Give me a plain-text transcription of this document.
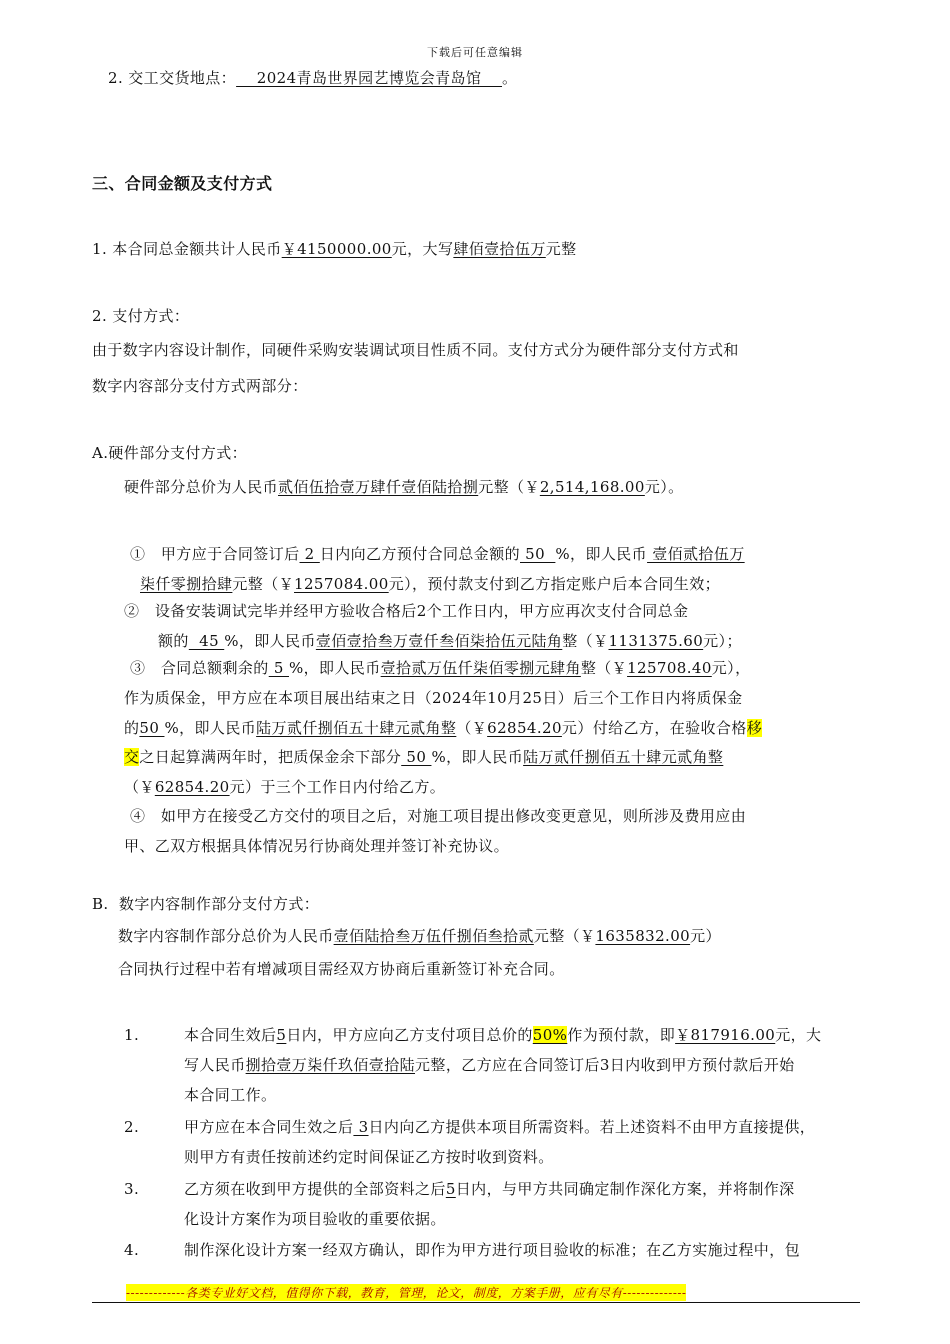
下载后可任意编辑
2. 交工交货地点：    2024青岛世界园艺博览会青岛馆    。
三、合同金额及支付方式
1. 本合同总金额共计人民币￥4150000.00元，大写肆佰壹拾伍万元整
2. 支付方式：
由于数字内容设计制作，同硬件采购安装调试项目性质不同。支付方式分为硬件部分支付方式和
数字内容部分支付方式两部分：
A.硬件部分支付方式：
硬件部分总价为人民币贰佰伍拾壹万肆仟壹佰陆拾捌元整（￥2,514,168.00元）。
①   甲方应于合同签订后 2 日内向乙方预付合同总金额的 50  %，即人民币 壹佰贰拾伍万
柒仟零捌拾肆元整（￥1257084.00元），预付款支付到乙方指定账户后本合同生效；
②   设备安装调试完毕并经甲方验收合格后2个工作日内，甲方应再次支付合同总金
额的  45 %，即人民币壹佰壹拾叁万壹仟叁佰柒拾伍元陆角整（￥1131375.60元）；
③   合同总额剩余的 5 %，即人民币壹拾贰万伍仟柒佰零捌元肆角整（￥125708.40元），
作为质保金，甲方应在本项目展出结束之日（2024年10月25日）后三个工作日内将质保金
的50 %，即人民币陆万贰仟捌佰五十肆元贰角整（￥62854.20元）付给乙方，在验收合格移
交之日起算满两年时，把质保金余下部分 50 %，即人民币陆万贰仟捌佰五十肆元贰角整
（￥62854.20元）于三个工作日内付给乙方。
④   如甲方在接受乙方交付的项目之后，对施工项目提出修改变更意见，则所涉及费用应由
甲、乙双方根据具体情况另行协商处理并签订补充协议。
B.  数字内容制作部分支付方式：
数字内容制作部分总价为人民币壹佰陆拾叁万伍仟捌佰叁拾贰元整（￥1635832.00元）
合同执行过程中若有增减项目需经双方协商后重新签订补充合同。
1.	本合同生效后5日内，甲方应向乙方支付项目总价的50%作为预付款，即￥817916.00元，大
写人民币捌拾壹万柒仟玖佰壹拾陆元整，乙方应在合同签订后3日内收到甲方预付款后开始
本合同工作。
2.	甲方应在本合同生效之后 3日内向乙方提供本项目所需资料。若上述资料不由甲方直接提供，
则甲方有责任按前述约定时间保证乙方按时收到资料。
3.	乙方须在收到甲方提供的全部资料之后5日内，与甲方共同确定制作深化方案，并将制作深
化设计方案作为项目验收的重要依据。
4.	制作深化设计方案一经双方确认，即作为甲方进行项目验收的标准；在乙方实施过程中，包
-------------各类专业好文档，值得你下载，教育，管理，论文，制度，方案手册，应有尽有--------------
